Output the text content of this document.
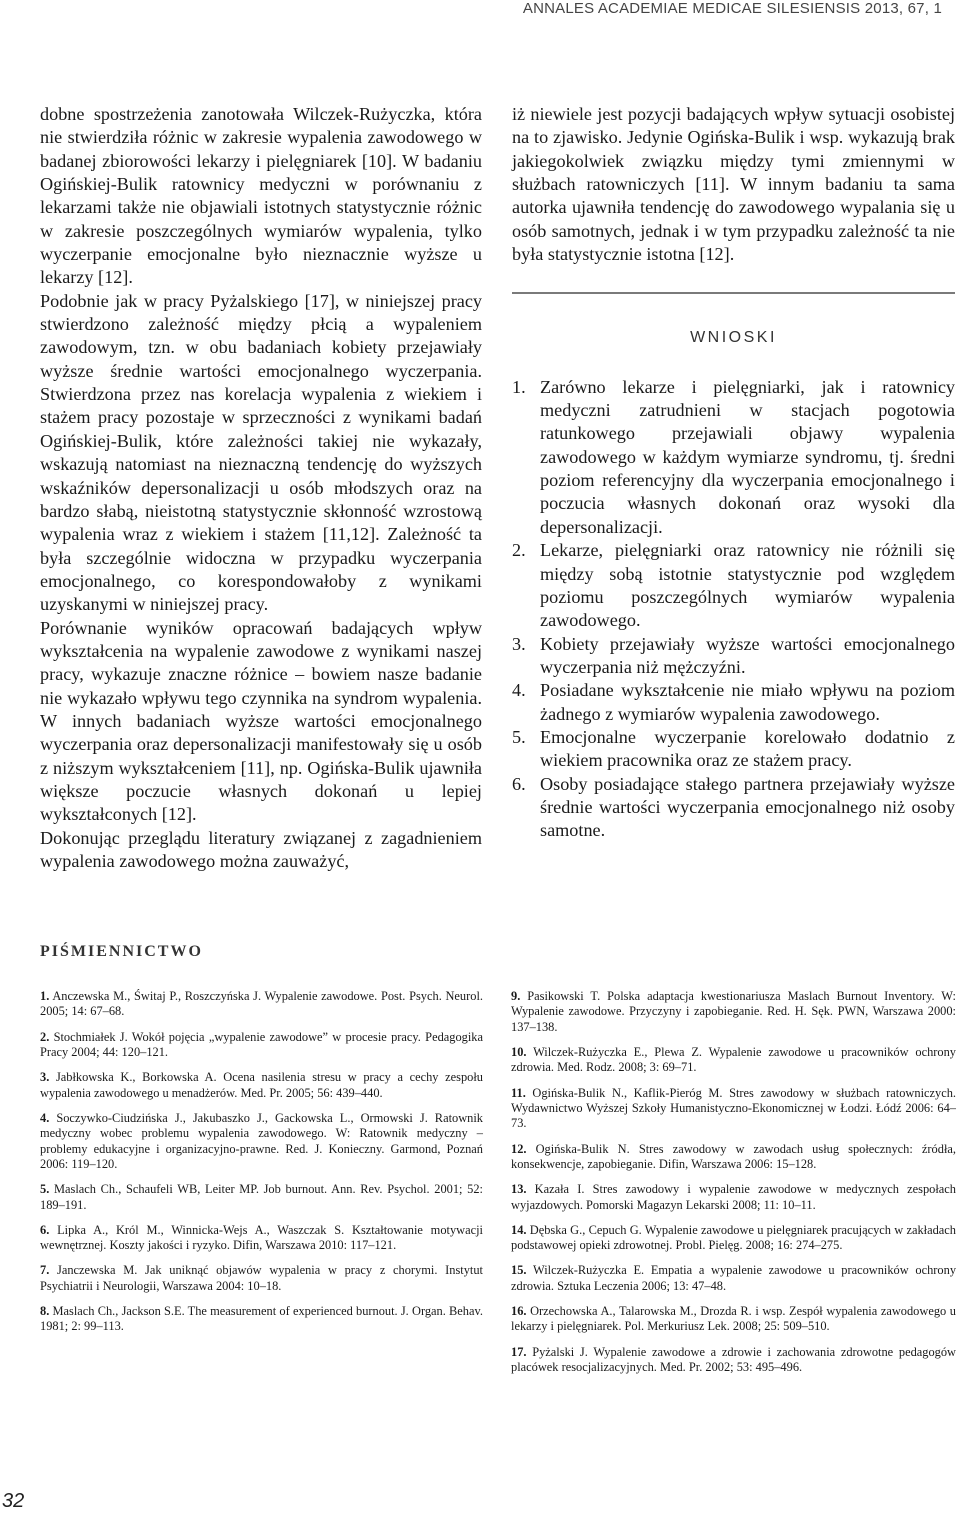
ANNALES ACADEMIAE MEDICAE SILESIENSIS 2013, 67, 1

dobne spostrzeżenia zanotowała Wilczek-Rużyczka, która nie stwierdziła różnic w zakresie wypalenia zawodowego w badanej zbiorowości lekarzy i pielęgniarek [10]. W badaniu Ogińskiej-Bulik ratownicy medyczni w porównaniu z lekarzami także nie objawiali istotnych statystycznie różnic w zakresie poszczególnych wymiarów wypalenia, tylko wyczerpanie emocjonalne było nieznacznie wyższe u lekarzy [12].

Podobnie jak w pracy Pyżalskiego [17], w niniejszej pracy stwierdzono zależność między płcią a wypaleniem zawodowym, tzn. w obu badaniach kobiety przejawiały wyższe średnie wartości emocjonalnego wyczerpania. Stwierdzona przez nas korelacja wypalenia z wiekiem i stażem pracy pozostaje w sprzeczności z wynikami badań Ogińskiej-Bulik, które zależności takiej nie wykazały, wskazują natomiast na nieznaczną tendencję do wyższych wskaźników depersonalizacji u osób młodszych oraz na bardzo słabą, nieistotną statystycznie skłonność wzrostową wypalenia wraz z wiekiem i stażem [11,12]. Zależność ta była szczególnie widoczna w przypadku wyczerpania emocjonalnego, co korespondowałoby z wynikami uzyskanymi w niniejszej pracy.

Porównanie wyników opracowań badających wpływ wykształcenia na wypalenie zawodowe z wynikami naszej pracy, wykazuje znaczne różnice – bowiem nasze badanie nie wykazało wpływu tego czynnika na syndrom wypalenia. W innych badaniach wyższe wartości emocjonalnego wyczerpania oraz depersonalizacji manifestowały się u osób z niższym wykształceniem [11], np. Ogińska-Bulik ujawniła większe poczucie własnych dokonań u lepiej wykształconych [12].

Dokonując przeglądu literatury związanej z zagadnieniem wypalenia zawodowego można zauważyć,

iż niewiele jest pozycji badających wpływ sytuacji osobistej na to zjawisko. Jedynie Ogińska-Bulik i wsp. wykazują brak jakiegokolwiek związku między tymi zmiennymi w służbach ratowniczych [11]. W innym badaniu ta sama autorka ujawniła tendencję do zawodowego wypalania się u osób samotnych, jednak i w tym przypadku zależność ta nie była statystycznie istotna [12].

WNIOSKI
1. Zarówno lekarze i pielęgniarki, jak i ratownicy medyczni zatrudnieni w stacjach pogotowia ratunkowego przejawiali objawy wypalenia zawodowego w każdym wymiarze syndromu, tj. średni poziom referencyjny dla wyczerpania emocjonalnego i poczucia własnych dokonań oraz wysoki dla depersonalizacji.
2. Lekarze, pielęgniarki oraz ratownicy nie różnili się między sobą istotnie statystycznie pod względem poziomu poszczególnych wymiarów wypalenia zawodowego.
3. Kobiety przejawiały wyższe wartości emocjonalnego wyczerpania niż mężczyźni.
4. Posiadane wykształcenie nie miało wpływu na poziom żadnego z wymiarów wypalenia zawodowego.
5. Emocjonalne wyczerpanie korelowało dodatnio z wiekiem pracownika oraz ze stażem pracy.
6. Osoby posiadające stałego partnera przejawiały wyższe średnie wartości wyczerpania emocjonalnego niż osoby samotne.
PIŚMIENNICTWO
1. Anczewska M., Świtaj P., Roszczyńska J. Wypalenie zawodowe. Post. Psych. Neurol. 2005; 14: 67–68.
2. Stochmiałek J. Wokół pojęcia „wypalenie zawodowe” w procesie pracy. Pedagogika Pracy 2004; 44: 120–121.
3. Jabłkowska K., Borkowska A. Ocena nasilenia stresu w pracy a cechy zespołu wypalenia zawodowego u menadżerów. Med. Pr. 2005; 56: 439–440.
4. Soczywko-Ciudzińska J., Jakubaszko J., Gackowska L., Ormowski J. Ratownik medyczny wobec problemu wypalenia zawodowego. W: Ratownik medyczny – problemy edukacyjne i organizacyjno-prawne. Red. J. Konieczny. Garmond, Poznań 2006: 119–120.
5. Maslach Ch., Schaufeli WB, Leiter MP. Job burnout. Ann. Rev. Psychol. 2001; 52: 189–191.
6. Lipka A., Król M., Winnicka-Wejs A., Waszczak S. Kształtowanie motywacji wewnętrznej. Koszty jakości i ryzyko. Difin, Warszawa 2010: 117–121.
7. Janczewska M. Jak uniknąć objawów wypalenia w pracy z chorymi. Instytut Psychiatrii i Neurologii, Warszawa 2004: 10–18.
8. Maslach Ch., Jackson S.E. The measurement of experienced burnout. J. Organ. Behav. 1981; 2: 99–113.
9. Pasikowski T. Polska adaptacja kwestionariusza Maslach Burnout Inventory. W: Wypalenie zawodowe. Przyczyny i zapobieganie. Red. H. Sęk. PWN, Warszawa 2000: 137–138.
10. Wilczek-Rużyczka E., Plewa Z. Wypalenie zawodowe u pracowników ochrony zdrowia. Med. Rodz. 2008; 3: 69–71.
11. Ogińska-Bulik N., Kaflik-Pieróg M. Stres zawodowy w służbach ratowniczych. Wydawnictwo Wyższej Szkoły Humanistyczno-Ekonomicznej w Łodzi. Łódź 2006: 64–73.
12. Ogińska-Bulik N. Stres zawodowy w zawodach usług społecznych: źródła, konsekwencje, zapobieganie. Difin, Warszawa 2006: 15–128.
13. Kazała I. Stres zawodowy i wypalenie zawodowe w medycznych zespołach wyjazdowych. Pomorski Magazyn Lekarski 2008; 11: 10–11.
14. Dębska G., Cepuch G. Wypalenie zawodowe u pielęgniarek pracujących w zakładach podstawowej opieki zdrowotnej. Probl. Pielęg. 2008; 16: 274–275.
15. Wilczek-Rużyczka E. Empatia a wypalenie zawodowe u pracowników ochrony zdrowia. Sztuka Leczenia 2006; 13: 47–48.
16. Orzechowska A., Talarowska M., Drozda R. i wsp. Zespół wypalenia zawodowego u lekarzy i pielęgniarek. Pol. Merkuriusz Lek. 2008; 25: 509–510.
17. Pyżalski J. Wypalenie zawodowe a zdrowie i zachowania zdrowotne pedagogów placówek resocjalizacyjnych. Med. Pr. 2002; 53: 495–496.
32
